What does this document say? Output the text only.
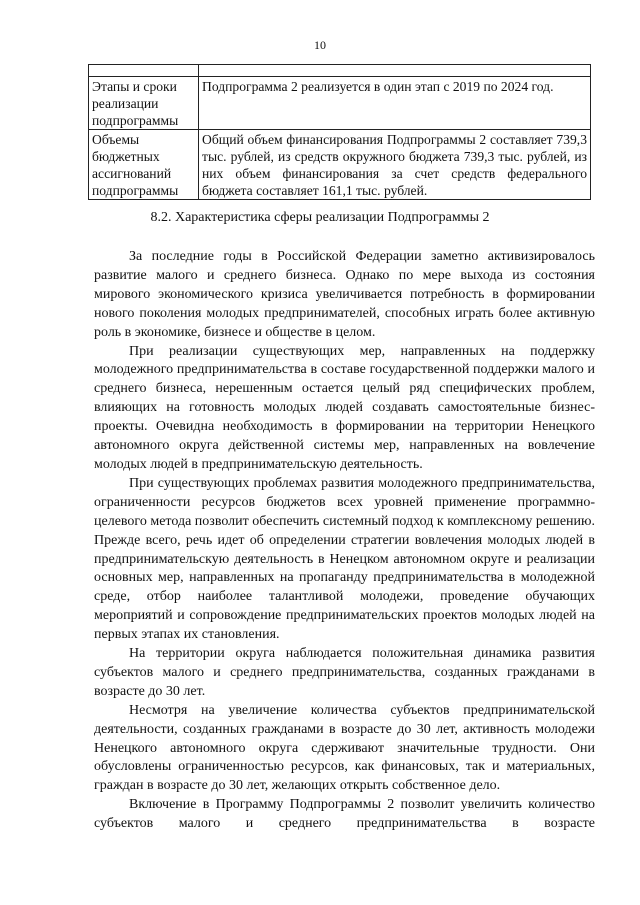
10

Этапы и сроки реализации подпрограммы	Подпрограмма 2 реализуется в один этап с 2019 по 2024 год.
Объемы бюджетных ассигнований подпрограммы	Общий объем финансирования Подпрограммы 2 составляет 739,3 тыс. рублей, из средств окружного бюджета 739,3 тыс. рублей, из них объем финансирования за счет средств федерального бюджета составляет 161,1 тыс. рублей.
8.2. Характеристика сферы реализации Подпрограммы 2

За последние годы в Российской Федерации заметно активизировалось развитие малого и среднего бизнеса. Однако по мере выхода из состояния мирового экономического кризиса увеличивается потребность в формировании нового поколения молодых предпринимателей, способных играть более активную роль в экономике, бизнесе и обществе в целом.

При реализации существующих мер, направленных на поддержку молодежного предпринимательства в составе государственной поддержки малого и среднего бизнеса, нерешенным остается целый ряд специфических проблем, влияющих на готовность молодых людей создавать самостоятельные бизнес-проекты. Очевидна необходимость в формировании на территории Ненецкого автономного округа действенной системы мер, направленных на вовлечение молодых людей в предпринимательскую деятельность.

При существующих проблемах развития молодежного предпринимательства, ограниченности ресурсов бюджетов всех уровней применение программно-целевого метода позволит обеспечить системный подход к комплексному решению. Прежде всего, речь идет об определении стратегии вовлечения молодых людей в предпринимательскую деятельность в Ненецком автономном округе и реализации основных мер, направленных на пропаганду предпринимательства в молодежной среде, отбор наиболее талантливой молодежи, проведение обучающих мероприятий и сопровождение предпринимательских проектов молодых людей на первых этапах их становления.

На территории округа наблюдается положительная динамика развития субъектов малого и среднего предпринимательства, созданных гражданами в возрасте до 30 лет.

Несмотря на увеличение количества субъектов предпринимательской деятельности, созданных гражданами в возрасте до 30 лет, активность молодежи Ненецкого автономного округа сдерживают значительные трудности. Они обусловлены ограниченностью ресурсов, как финансовых, так и материальных, граждан в возрасте до 30 лет, желающих открыть собственное дело.

Включение в Программу Подпрограммы 2 позволит увеличить количество субъектов малого и среднего предпринимательства в возрасте
